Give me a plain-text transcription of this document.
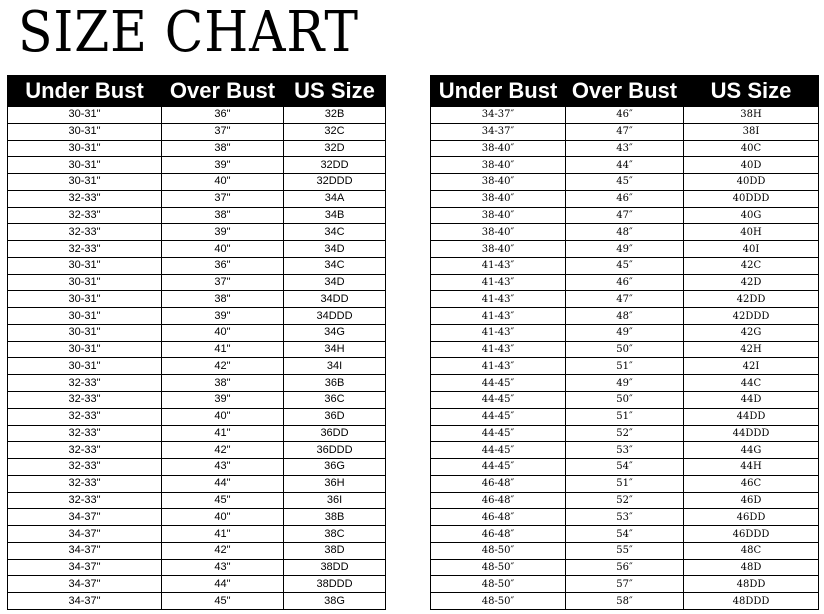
SIZE CHART
Under Bust	Over Bust	US Size
30-31"	36"	32B
30-31"	37"	32C
30-31"	38"	32D
30-31"	39"	32DD
30-31"	40"	32DDD
32-33"	37"	34A
32-33"	38"	34B
32-33"	39"	34C
32-33"	40"	34D
30-31"	36"	34C
30-31"	37"	34D
30-31"	38"	34DD
30-31"	39"	34DDD
30-31"	40"	34G
30-31"	41"	34H
30-31"	42"	34I
32-33"	38"	36B
32-33"	39"	36C
32-33"	40"	36D
32-33"	41"	36DD
32-33"	42"	36DDD
32-33"	43"	36G
32-33"	44"	36H
32-33"	45"	36I
34-37"	40"	38B
34-37"	41"	38C
34-37"	42"	38D
34-37"	43"	38DD
34-37"	44"	38DDD
34-37"	45"	38G
Under Bust	Over Bust	US Size
34-37″	46″	38H
34-37″	47″	38I
38-40″	43″	40C
38-40″	44″	40D
38-40″	45″	40DD
38-40″	46″	40DDD
38-40″	47″	40G
38-40″	48″	40H
38-40″	49″	40I
41-43″	45″	42C
41-43″	46″	42D
41-43″	47″	42DD
41-43″	48″	42DDD
41-43″	49″	42G
41-43″	50″	42H
41-43″	51″	42I
44-45″	49″	44C
44-45″	50″	44D
44-45″	51″	44DD
44-45″	52″	44DDD
44-45″	53″	44G
44-45″	54″	44H
46-48″	51″	46C
46-48″	52″	46D
46-48″	53″	46DD
46-48″	54″	46DDD
48-50″	55″	48C
48-50″	56″	48D
48-50″	57″	48DD
48-50″	58″	48DDD
